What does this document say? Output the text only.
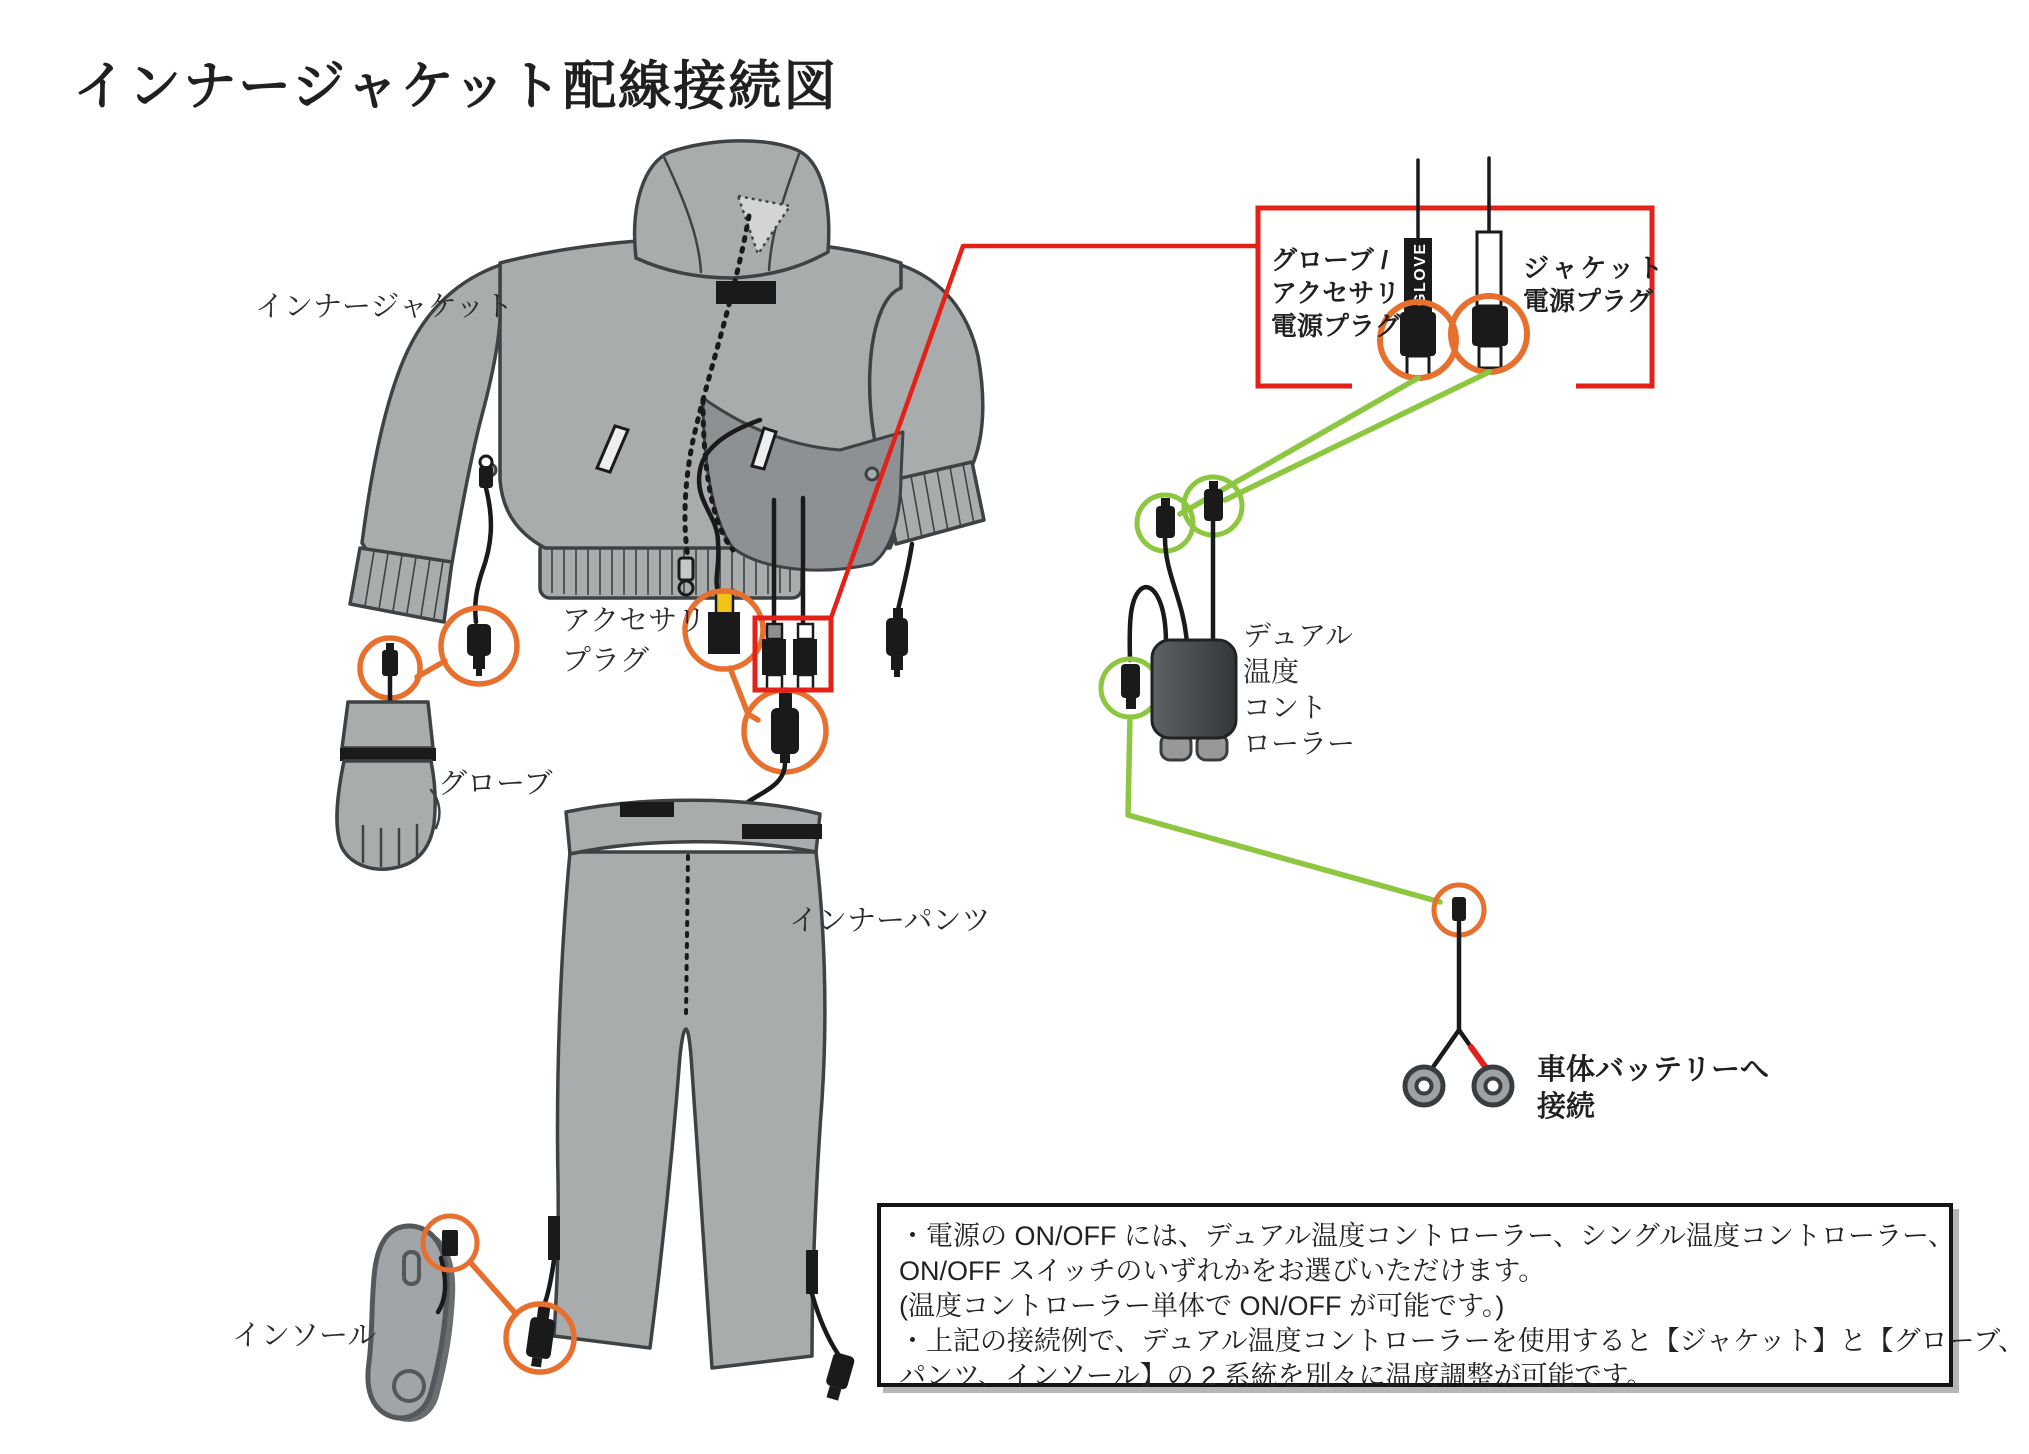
GLOVE
インナージャケット配線接続図
インナージャケット
アクセサリ
プラグ
グローブ
インナーパンツ
インソール
グローブ /
アクセサリ
電源プラグ
ジャケット
電源プラグ
デュアル
温度
コント
ローラー
車体バッテリーへ
接続
・電源の ON/OFF には、デュアル温度コントローラー、シングル温度コントローラー、
ON/OFF スイッチのいずれかをお選びいただけます。
(温度コントローラー単体で ON/OFF が可能です。)
・上記の接続例で、デュアル温度コントローラーを使用すると【ジャケット】と【グローブ、
パンツ、インソール】の 2 系統を別々に温度調整が可能です。
